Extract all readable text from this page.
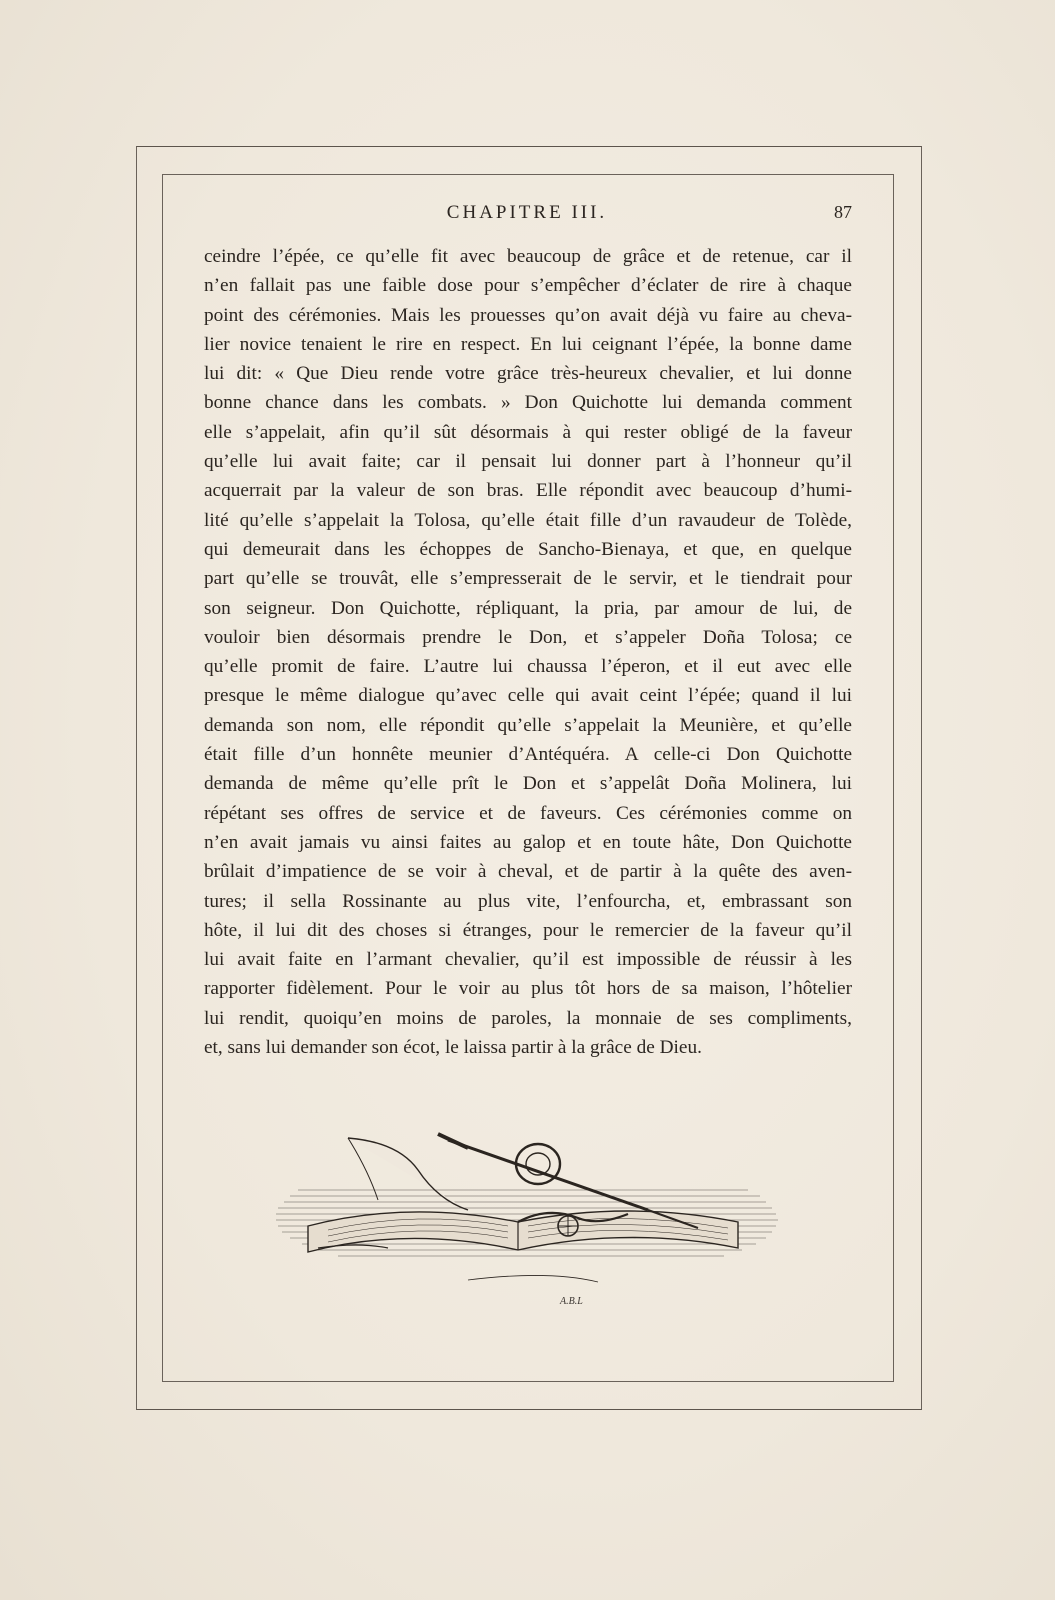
CHAPITRE III.	87
ceindre l’épée, ce qu’elle fit avec beaucoup de grâce et de retenue, car il
n’en fallait pas une faible dose pour s’empêcher d’éclater de rire à chaque
point des cérémonies. Mais les prouesses qu’on avait déjà vu faire au cheva-
lier novice tenaient le rire en respect. En lui ceignant l’épée, la bonne dame
lui dit: « Que Dieu rende votre grâce très-heureux chevalier, et lui donne
bonne chance dans les combats. » Don Quichotte lui demanda comment
elle s’appelait, afin qu’il sût désormais à qui rester obligé de la faveur
qu’elle lui avait faite; car il pensait lui donner part à l’honneur qu’il
acquerrait par la valeur de son bras. Elle répondit avec beaucoup d’humi-
lité qu’elle s’appelait la Tolosa, qu’elle était fille d’un ravaudeur de Tolède,
qui demeurait dans les échoppes de Sancho-Bienaya, et que, en quelque
part qu’elle se trouvât, elle s’empresserait de le servir, et le tiendrait pour
son seigneur. Don Quichotte, répliquant, la pria, par amour de lui, de
vouloir bien désormais prendre le Don, et s’appeler Doña Tolosa; ce
qu’elle promit de faire. L’autre lui chaussa l’éperon, et il eut avec elle
presque le même dialogue qu’avec celle qui avait ceint l’épée; quand il lui
demanda son nom, elle répondit qu’elle s’appelait la Meunière, et qu’elle
était fille d’un honnête meunier d’Antéquéra. A celle-ci Don Quichotte
demanda de même qu’elle prît le Don et s’appelât Doña Molinera, lui
répétant ses offres de service et de faveurs. Ces cérémonies comme on
n’en avait jamais vu ainsi faites au galop et en toute hâte, Don Quichotte
brûlait d’impatience de se voir à cheval, et de partir à la quête des aven-
tures; il sella Rossinante au plus vite, l’enfourcha, et, embrassant son
hôte, il lui dit des choses si étranges, pour le remercier de la faveur qu’il
lui avait faite en l’armant chevalier, qu’il est impossible de réussir à les
rapporter fidèlement. Pour le voir au plus tôt hors de sa maison, l’hôtelier
lui rendit, quoiqu’en moins de paroles, la monnaie de ses compliments,
et, sans lui demander son écot, le laissa partir à la grâce de Dieu.
A.B.L
